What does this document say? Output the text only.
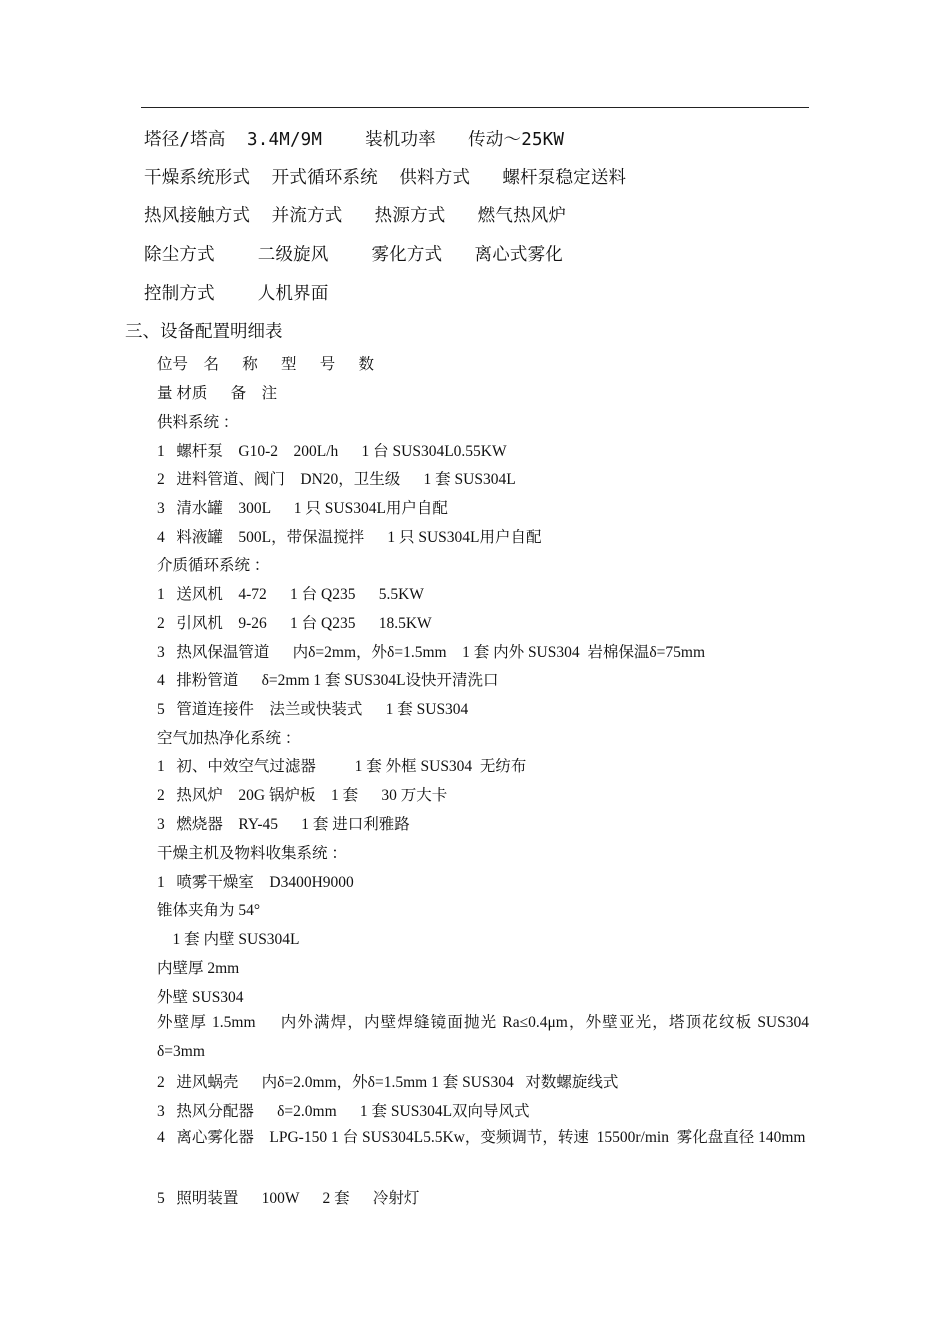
塔径/塔高  3.4M/9M    装机功率   传动～25KW
干燥系统形式  开式循环系统  供料方式   螺杆泵稳定送料
热风接触方式  并流方式   热源方式   燃气热风炉
除尘方式    二级旋风    雾化方式   离心式雾化
控制方式    人机界面
三、设备配置明细表
位号    名      称      型      号      数
量 材质      备    注
供料系统 ：
1   螺杆泵    G10-2    200L/h      1 台 SUS304L0.55KW
2   进料管道、阀门    DN20，卫生级      1 套 SUS304L
3   清水罐    300L      1 只 SUS304L用户自配
4   料液罐    500L，带保温搅拌      1 只 SUS304L用户自配
介质循环系统 ：
1   送风机    4-72      1 台 Q235      5.5KW
2   引风机    9-26      1 台 Q235      18.5KW
3   热风保温管道      内δ=2mm，外δ=1.5mm    1 套 内外 SUS304  岩棉保温δ=75mm
4   排粉管道      δ=2mm 1 套 SUS304L设快开清洗口
5   管道连接件    法兰或快装式      1 套 SUS304
空气加热净化系统 ：
1   初、中效空气过滤器          1 套 外框 SUS304  无纺布
2   热风炉    20G 锅炉板    1 套      30 万大卡
3   燃烧器    RY-45      1 套 进口利雅路
干燥主机及物料收集系统 ：
1   喷雾干燥室    D3400H9000
锥体夹角为 54°
1 套 内壁 SUS304L
内壁厚 2mm
外壁 SUS304
外壁厚 1.5mm     内外满焊，内壁焊缝镜面抛光 Ra≤0.4μm，外壁亚光，塔顶花纹板 SUS304 δ=3mm
2   进风蜗壳      内δ=2.0mm，外δ=1.5mm 1 套 SUS304   对数螺旋线式
3   热风分配器      δ=2.0mm      1 套 SUS304L双向导风式
4   离心雾化器    LPG-150 1 台 SUS304L5.5Kw，变频调节，转速  15500r/min  雾化盘直径 140mm
5   照明装置      100W      2 套      冷射灯
